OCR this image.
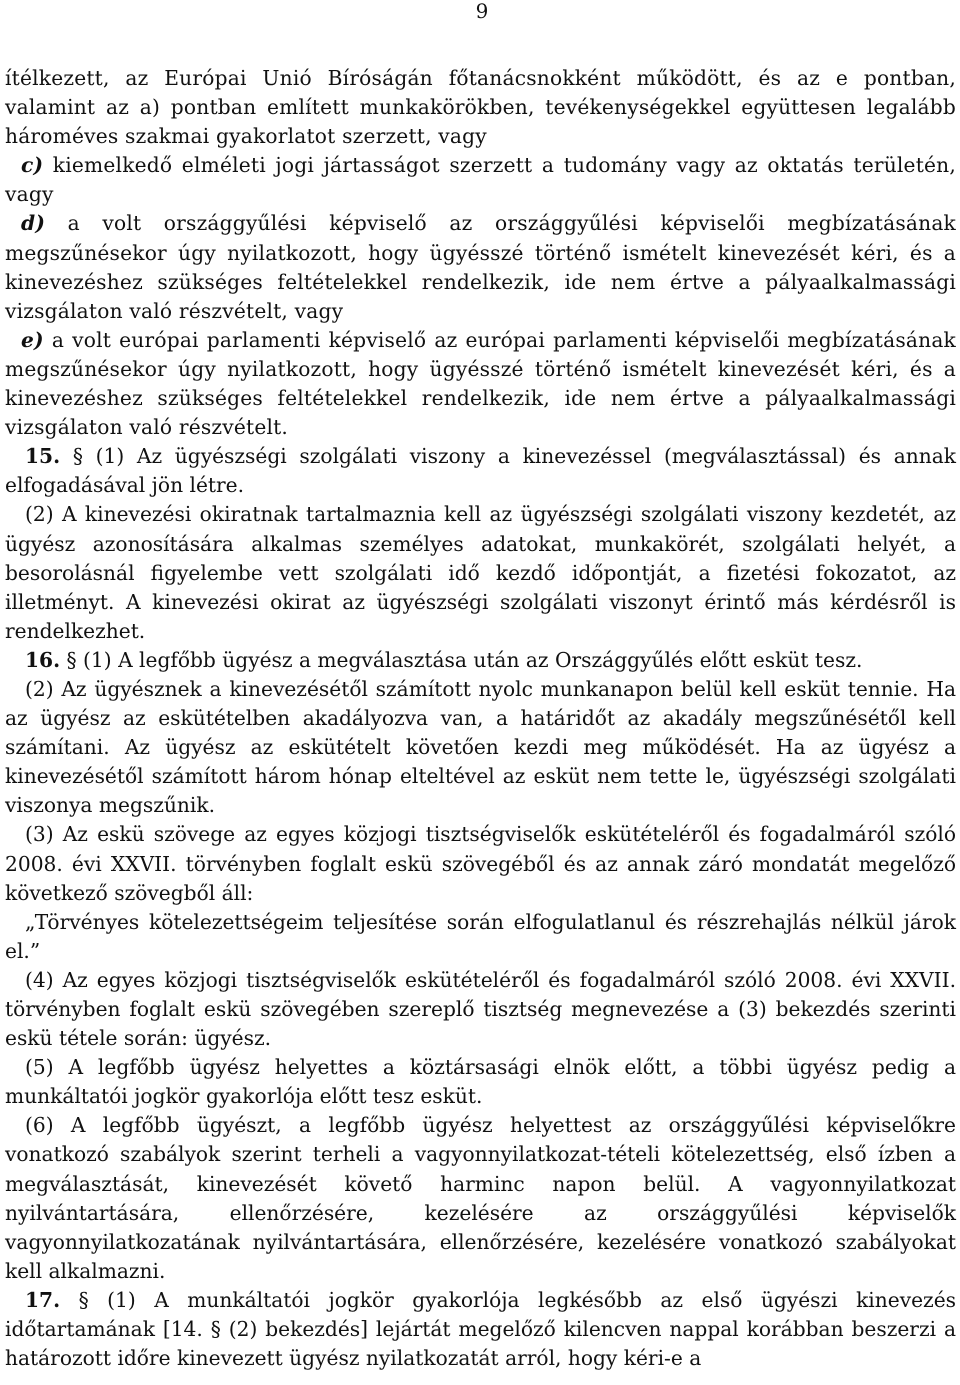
9

ítélkezett, az Európai Unió Bíróságán főtanácsnokként működött, és az e pontban, valamint az a) pontban említett munkakörökben, tevékenységekkel együttesen legalább hároméves szakmai gyakorlatot szerzett, vagy

c) kiemelkedő elméleti jogi jártasságot szerzett a tudomány vagy az oktatás területén, vagy

d) a volt országgyűlési képviselő az országgyűlési képviselői megbízatásának megszűnésekor úgy nyilatkozott, hogy ügyésszé történő ismételt kinevezését kéri, és a kinevezéshez szükséges feltételekkel rendelkezik, ide nem értve a pályaalkalmassági vizsgálaton való részvételt, vagy

e) a volt európai parlamenti képviselő az európai parlamenti képviselői megbízatásának megszűnésekor úgy nyilatkozott, hogy ügyésszé történő ismételt kinevezését kéri, és a kinevezéshez szükséges feltételekkel rendelkezik, ide nem értve a pályaalkalmassági vizsgálaton való részvételt.

15. § (1) Az ügyészségi szolgálati viszony a kinevezéssel (megválasztással) és annak elfogadásával jön létre.

(2) A kinevezési okiratnak tartalmaznia kell az ügyészségi szolgálati viszony kezdetét, az ügyész azonosítására alkalmas személyes adatokat, munkakörét, szolgálati helyét, a besorolásnál figyelembe vett szolgálati idő kezdő időpontját, a fizetési fokozatot, az illetményt. A kinevezési okirat az ügyészségi szolgálati viszonyt érintő más kérdésről is rendelkezhet.

16. § (1) A legfőbb ügyész a megválasztása után az Országgyűlés előtt esküt tesz.

(2) Az ügyésznek a kinevezésétől számított nyolc munkanapon belül kell esküt tennie. Ha az ügyész az eskütételben akadályozva van, a határidőt az akadály megszűnésétől kell számítani. Az ügyész az eskütételt követően kezdi meg működését. Ha az ügyész a kinevezésétől számított három hónap elteltével az esküt nem tette le, ügyészségi szolgálati viszonya megszűnik.

(3) Az eskü szövege az egyes közjogi tisztségviselők eskütételéről és fogadalmáról szóló 2008. évi XXVII. törvényben foglalt eskü szövegéből és az annak záró mondatát megelőző következő szövegből áll:

„Törvényes kötelezettségeim teljesítése során elfogulatlanul és részrehajlás nélkül járok el.”

(4) Az egyes közjogi tisztségviselők eskütételéről és fogadalmáról szóló 2008. évi XXVII. törvényben foglalt eskü szövegében szereplő tisztség megnevezése a (3) bekezdés szerinti eskü tétele során: ügyész.

(5) A legfőbb ügyész helyettes a köztársasági elnök előtt, a többi ügyész pedig a munkáltatói jogkör gyakorlója előtt tesz esküt.

(6) A legfőbb ügyészt, a legfőbb ügyész helyettest az országgyűlési képviselőkre vonatkozó szabályok szerint terheli a vagyonnyilatkozat-tételi kötelezettség, első ízben a megválasztását, kinevezését követő harminc napon belül. A vagyonnyilatkozat nyilvántartására, ellenőrzésére, kezelésére az országgyűlési képviselők vagyonnyilatkozatának nyilvántartására, ellenőrzésére, kezelésére vonatkozó szabályokat kell alkalmazni.

17. § (1) A munkáltatói jogkör gyakorlója legkésőbb az első ügyészi kinevezés időtartamának [14. § (2) bekezdés] lejártát megelőző kilencven nappal korábban beszerzi a határozott időre kinevezett ügyész nyilatkozatát arról, hogy kéri-e a
